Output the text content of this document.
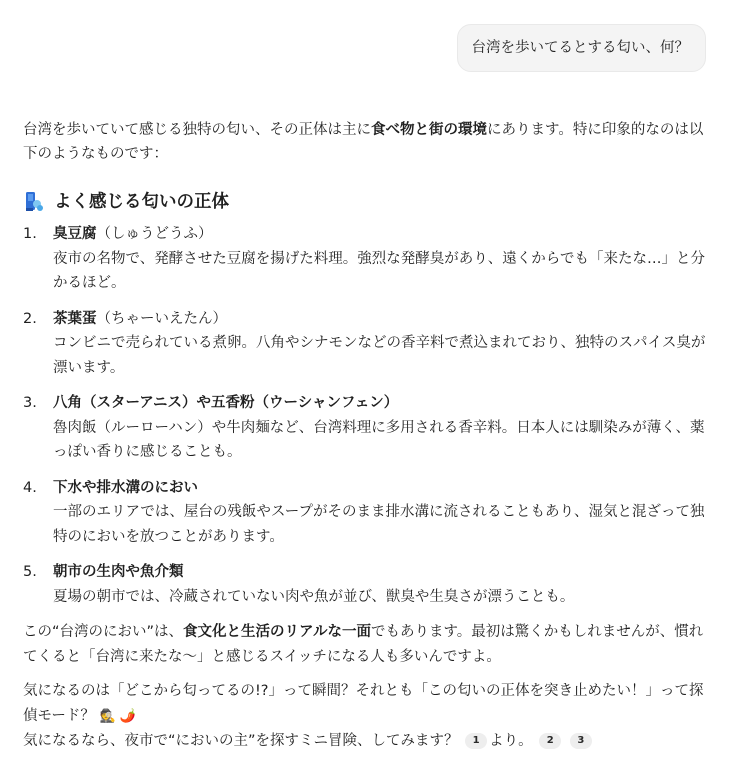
台湾を歩いてるとする匂い、何？

台湾を歩いていて感じる独特の匂い、その正体は主に食べ物と街の環境にあります。特に印象的なのは以下のようなものです：

よく感じる匂いの正体
1. 臭豆腐（しゅうどうふ）
夜市の名物で、発酵させた豆腐を揚げた料理。強烈な発酵臭があり、遠くからでも「来たな…」と分かるほど。
2. 茶葉蛋（ちゃーいえたん）
コンビニで売られている煮卵。八角やシナモンなどの香辛料で煮込まれており、独特のスパイス臭が漂います。
3. 八角（スターアニス）や五香粉（ウーシャンフェン）
魯肉飯（ルーローハン）や牛肉麺など、台湾料理に多用される香辛料。日本人には馴染みが薄く、薬っぽい香りに感じることも。
4. 下水や排水溝のにおい
一部のエリアでは、屋台の残飯やスープがそのまま排水溝に流されることもあり、湿気と混ざって独特のにおいを放つことがあります。
5. 朝市の生肉や魚介類
夏場の朝市では、冷蔵されていない肉や魚が並び、獣臭や生臭さが漂うことも。

この“台湾のにおい”は、食文化と生活のリアルな一面でもあります。最初は驚くかもしれませんが、慣れてくると「台湾に来たな〜」と感じるスイッチになる人も多いんですよ。

気になるのは「どこから匂ってるの!?」って瞬間？それとも「この匂いの正体を突き止めたい！」って探偵モード？ 🕵️ 🌶️
気になるなら、夜市で“においの主”を探すミニ冒険、してみます？ 1 より。 2 3
